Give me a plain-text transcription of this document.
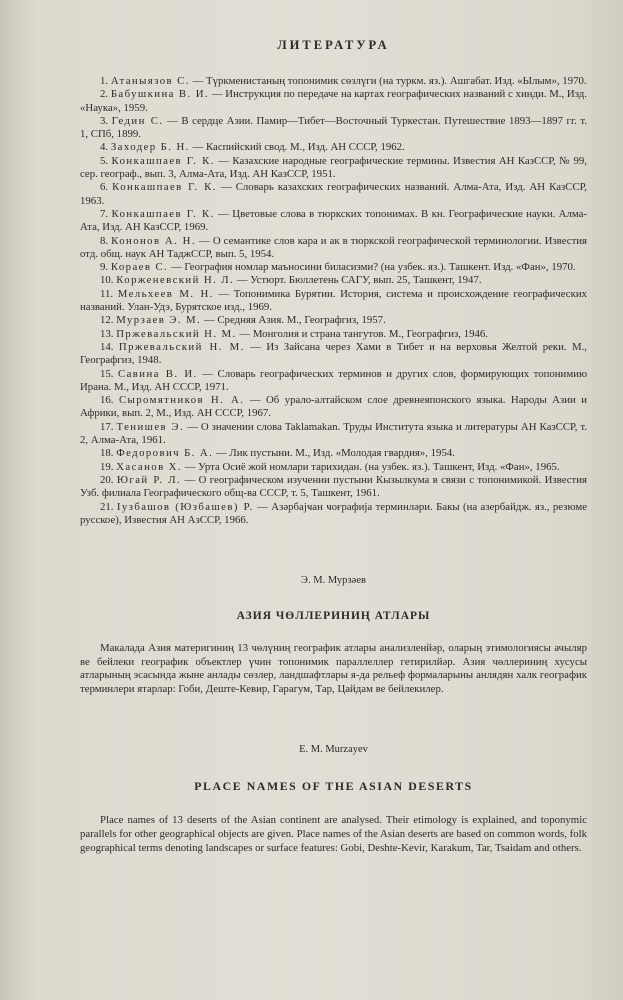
ЛИТЕРАТУРА

1. Атаныязов С. — Түркменистаның топонимик сөзлүги (на туркм. яз.). Ашгабат. Изд. «Ылым», 1970.

2. Бабушкина В. И. — Инструкция по передаче на картах географических названий с хинди. М., Изд. «Наука», 1959.

3. Гедин С. — В сердце Азии. Памир—Тибет—Восточный Туркестан. Путешествие 1893—1897 гг. т. 1, СПб, 1899.

4. Заходер Б. Н. — Каспийский свод. М., Изд. АН СССР, 1962.

5. Конкашпаев Г. К. — Казахские народные географические термины. Известия АН КазССР, № 99, сер. географ., вып. 3, Алма-Ата, Изд. АН КазССР, 1951.

6. Конкашпаев Г. К. — Словарь казахских географических названий. Алма-Ата, Изд. АН КазССР, 1963.

7. Конкашпаев Г. К. — Цветовые слова в тюркских топонимах. В кн. Географические науки. Алма-Ата, Изд. АН КазССР, 1969.

8. Кононов А. Н. — О семантике слов кара и ак в тюркской географической терминологии. Известия отд. общ. наук АН ТаджССР, вып. 5, 1954.

9. Кораев С. — География номлар маъносини биласизми? (на узбек. яз.). Ташкент. Изд. «Фан», 1970.

10. Корженевский Н. Л. — Устюрт. Бюллетень САГУ, вып. 25, Ташкент, 1947.

11. Мельхеев М. Н. — Топонимика Бурятии. История, система и происхождение географических названий. Улан-Удэ, Бурятское изд., 1969.

12. Мурзаев Э. М. — Средняя Азия. М., Географгиз, 1957.

13. Пржевальский Н. М. — Монголия и страна тангутов. М., Географгиз, 1946.

14. Пржевальский Н. М. — Из Зайсана через Хами в Тибет и на верховья Желтой реки. М., Географгиз, 1948.

15. Савина В. И. — Словарь географических терминов и других слов, формирующих топонимию Ирана. М., Изд. АН СССР, 1971.

16. Сыромятников Н. А. — Об урало-алтайском слое древнеяпонского языка. Народы Азии и Африки, вып. 2, М., Изд. АН СССР, 1967.

17. Тенишев Э. — О значении слова Taklamakan. Труды Института языка и литературы АН КазССР, т. 2, Алма-Ата, 1961.

18. Федорович Б. А. — Лик пустыни. М., Изд. «Молодая гвардия», 1954.

19. Хасанов Х. — Урта Осиё жой номлари тарихидан. (на узбек. яз.). Ташкент, Изд. «Фан», 1965.

20. Югай Р. Л. — О географическом изучении пустыни Кызылкума в связи с топонимикой. Известия Узб. филиала Географического общ-ва СССР, т. 5, Ташкент, 1961.

21. Іузбашов (Юзбашев) Р. — Азәрбајҹан ҹоғрафија терминләри. Бакы (на азербайдж. яз., резюме русское), Известия АН АзССР, 1966.

Э. М. Мурзәев
АЗИЯ ЧӨЛЛЕРИНИҢ АТЛАРЫ

Макалада Азия материгиниң 13 чөлүниң географик атлары анализленйәр, оларың этимологиясы ачыляр ве бейлеки географик объектлер үчин топонимик параллеллер гетирилйәр. Азия чөллериниң хусусы атларының эсасында жыне анлады сөзлер, ландшафтлары я-да рельеф формаларыны анлядян халк географик терминлери ятарлар: Гоби, Деште-Кевир, Гарагум, Тар, Цайдам ве бейлекилер.

E. M. Murzayev
PLACE NAMES OF THE ASIAN DESERTS

Place names of 13 deserts of the Asian continent are analysed. Their etimology is explained, and toponymic parallels for other geographical objects are given. Place names of the Asian deserts are based on common words, folk geographical terms denoting landscapes or surface features: Gobi, Deshte-Kevir, Karakum, Tar, Tsaidam and others.
